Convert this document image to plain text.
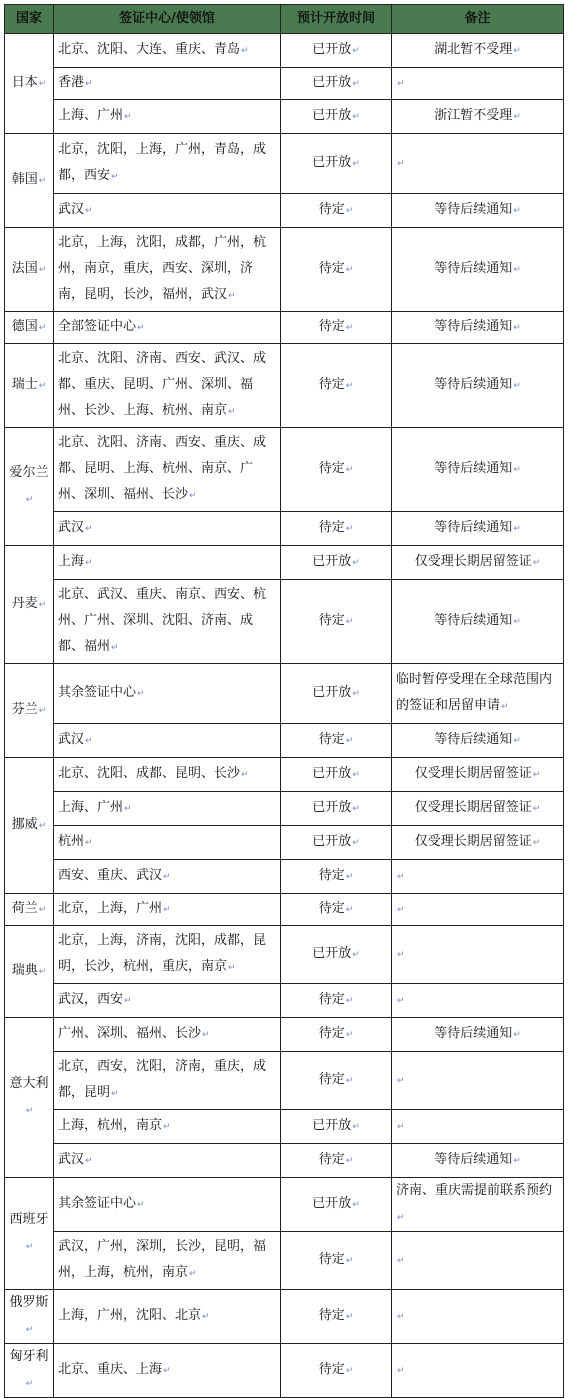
国家	签证中心/使领馆	预计开放时间	备注
日本↵	北京、沈阳、大连、重庆、青岛↵	已开放↵	湖北暂不受理↵
	香港↵	已开放↵	↵
	上海、广州↵	已开放↵	浙江暂不受理↵
韩国↵	北京，沈阳，上海，广州，青岛，成都，西安↵	已开放↵	↵
	武汉↵	待定↵	等待后续通知↵
法国↵	北京，上海，沈阳，成都，广州，杭州，南京，重庆，西安、深圳，济南，昆明，长沙，福州，武汉↵	待定↵	等待后续通知↵
德国↵	全部签证中心↵	待定↵	等待后续通知↵
瑞士↵	北京、沈阳、济南、西安、武汉、成都、重庆、昆明、广州、深圳、福州、长沙、上海、杭州、南京↵	待定↵	等待后续通知↵
爱尔兰↵	北京、沈阳、济南、西安、重庆、成都、昆明、上海、杭州、南京、广州、深圳、福州、长沙↵	待定↵	等待后续通知↵
	武汉↵	待定↵	等待后续通知↵
丹麦↵	上海↵	已开放↵	仅受理长期居留签证↵
	北京、武汉、重庆、南京、西安、杭州、广州、深圳、沈阳、济南、成都、福州↵	待定↵	等待后续通知↵
芬兰↵	其余签证中心↵	已开放↵	临时暂停受理在全球范围内的签证和居留申请↵
	武汉↵	待定↵	等待后续通知↵
挪威↵	北京、沈阳、成都、昆明、长沙↵	已开放↵	仅受理长期居留签证↵
	上海、广州↵	已开放↵	仅受理长期居留签证↵
	杭州↵	已开放↵	仅受理长期居留签证↵
	西安、重庆、武汉↵	待定↵	↵
荷兰↵	北京，上海，广州↵	待定↵	↵
瑞典↵	北京，上海，济南，沈阳，成都，昆明，长沙，杭州，重庆，南京↵	已开放↵	↵
	武汉，西安↵	待定↵	↵
意大利↵	广州、深圳、福州、长沙↵	待定↵	等待后续通知↵
	北京，西安，沈阳，济南，重庆，成都，昆明↵	待定↵	↵
	上海，杭州，南京↵	已开放↵	↵
	武汉↵	待定↵	等待后续通知↵
西班牙↵	其余签证中心↵	已开放↵	济南、重庆需提前联系预约↵
	武汉，广州，深圳，长沙，昆明，福州，上海，杭州，南京↵	待定↵	↵
俄罗斯↵	上海，广州，沈阳、北京↵	待定↵	↵
匈牙利↵	北京、重庆、上海↵	待定↵	↵
